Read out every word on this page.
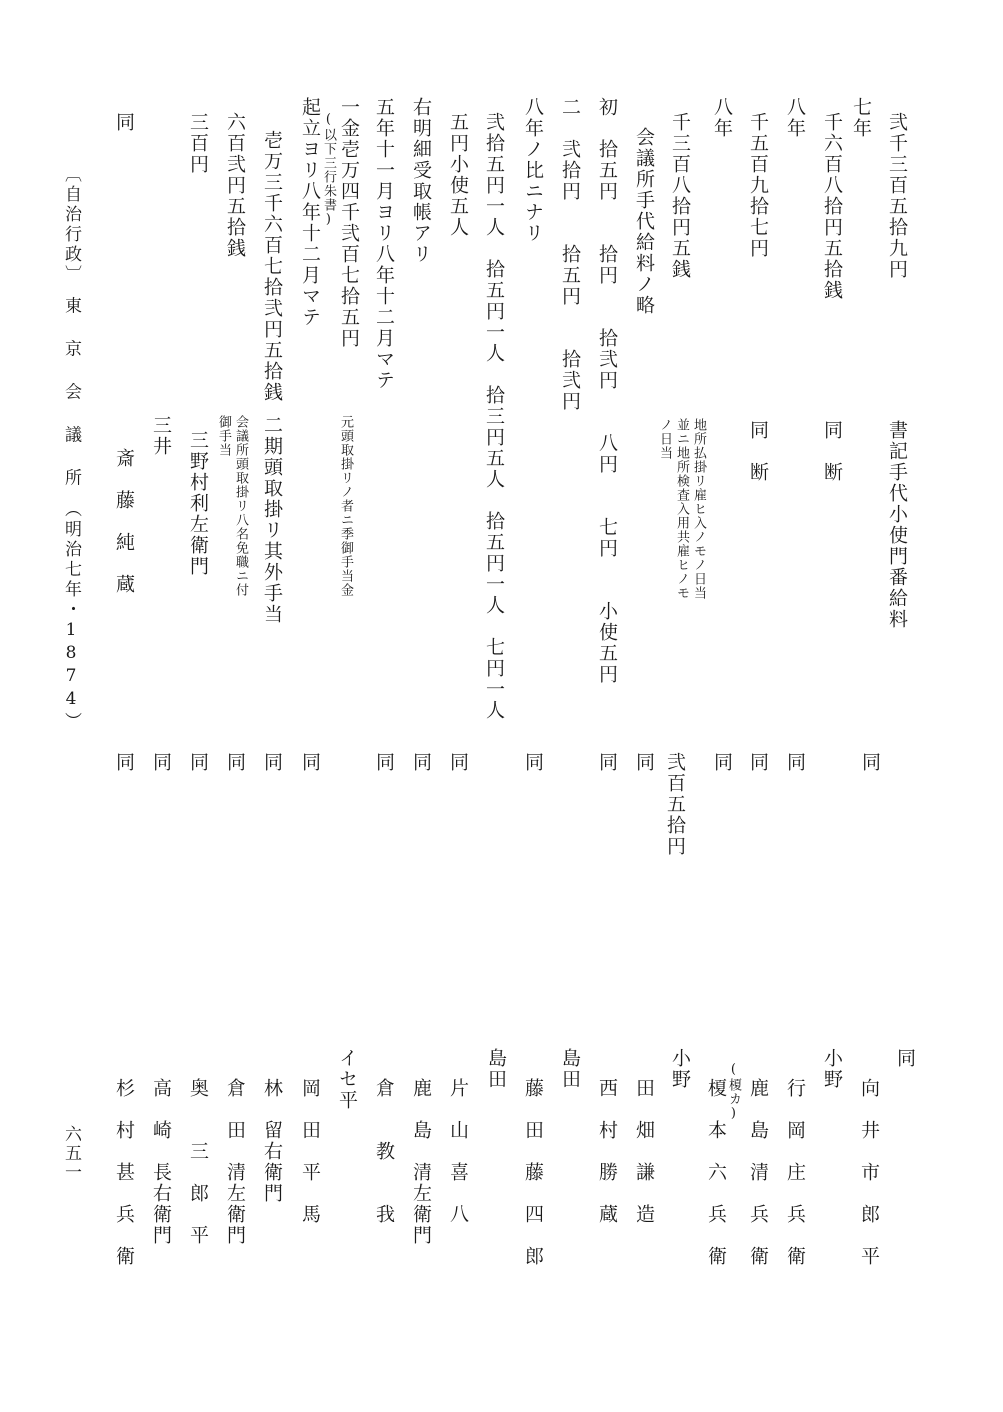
弐千三百五拾九円
七年
千六百八拾円五拾銭
八年
千五百九拾七円
八年
千三百八拾円五銭
会議所手代給料ノ略
初　拾五円　　拾円　　拾弐円　　八円　　七円　　小使五円
二　弐拾円　　拾五円　　拾弐円
八年ノ比ニナリ
弐拾五円一人　拾五円一人　拾三円五人　拾五円一人　七円一人
五円小使五人
右明細受取帳アリ
五年十一月ヨリ八年十二月マテ
一金壱万四千弐百七拾五円
(以下三行朱書)
起立ヨリ八年十二月マテ
壱万三千六百七拾弐円五拾銭
六百弐円五拾銭
三百円
同
書記手代小使門番給料
同　断
同　断
地所払掛リ雇ヒ入ノモノ日当
並ニ地所検査入用共雇ヒノモ
ノ日当
元頭取掛リノ者ニ季御手当金
二期頭取掛リ其外手当
会議所頭取掛リ八名免職ニ付
御手当
三野村利左衛門
三井
斎　藤　純　蔵
同
同
同
同
弐百五拾円
同
同
同
同
同
同
同
同
同
同
同
同
同
向　井　市　郎　平
小野
行　岡　庄　兵　衛
鹿　島　清　兵　衛
(榎カ)
榎　本　六　兵　衛
小野
田　畑　謙　造
島田
西　村　勝　蔵
島田
藤　田　藤　四　郎
片　山　喜　八
鹿　島　清左衛門
倉　　教　　我
イセ平
岡　田　平　馬
林　留右衛門
倉　田　清左衛門
奥　　三　郎　平
高　崎　長右衛門
杉　村　甚　兵　衛
〔自治行政〕　東 京 会 議 所　（明治七年・1874）
六五一
